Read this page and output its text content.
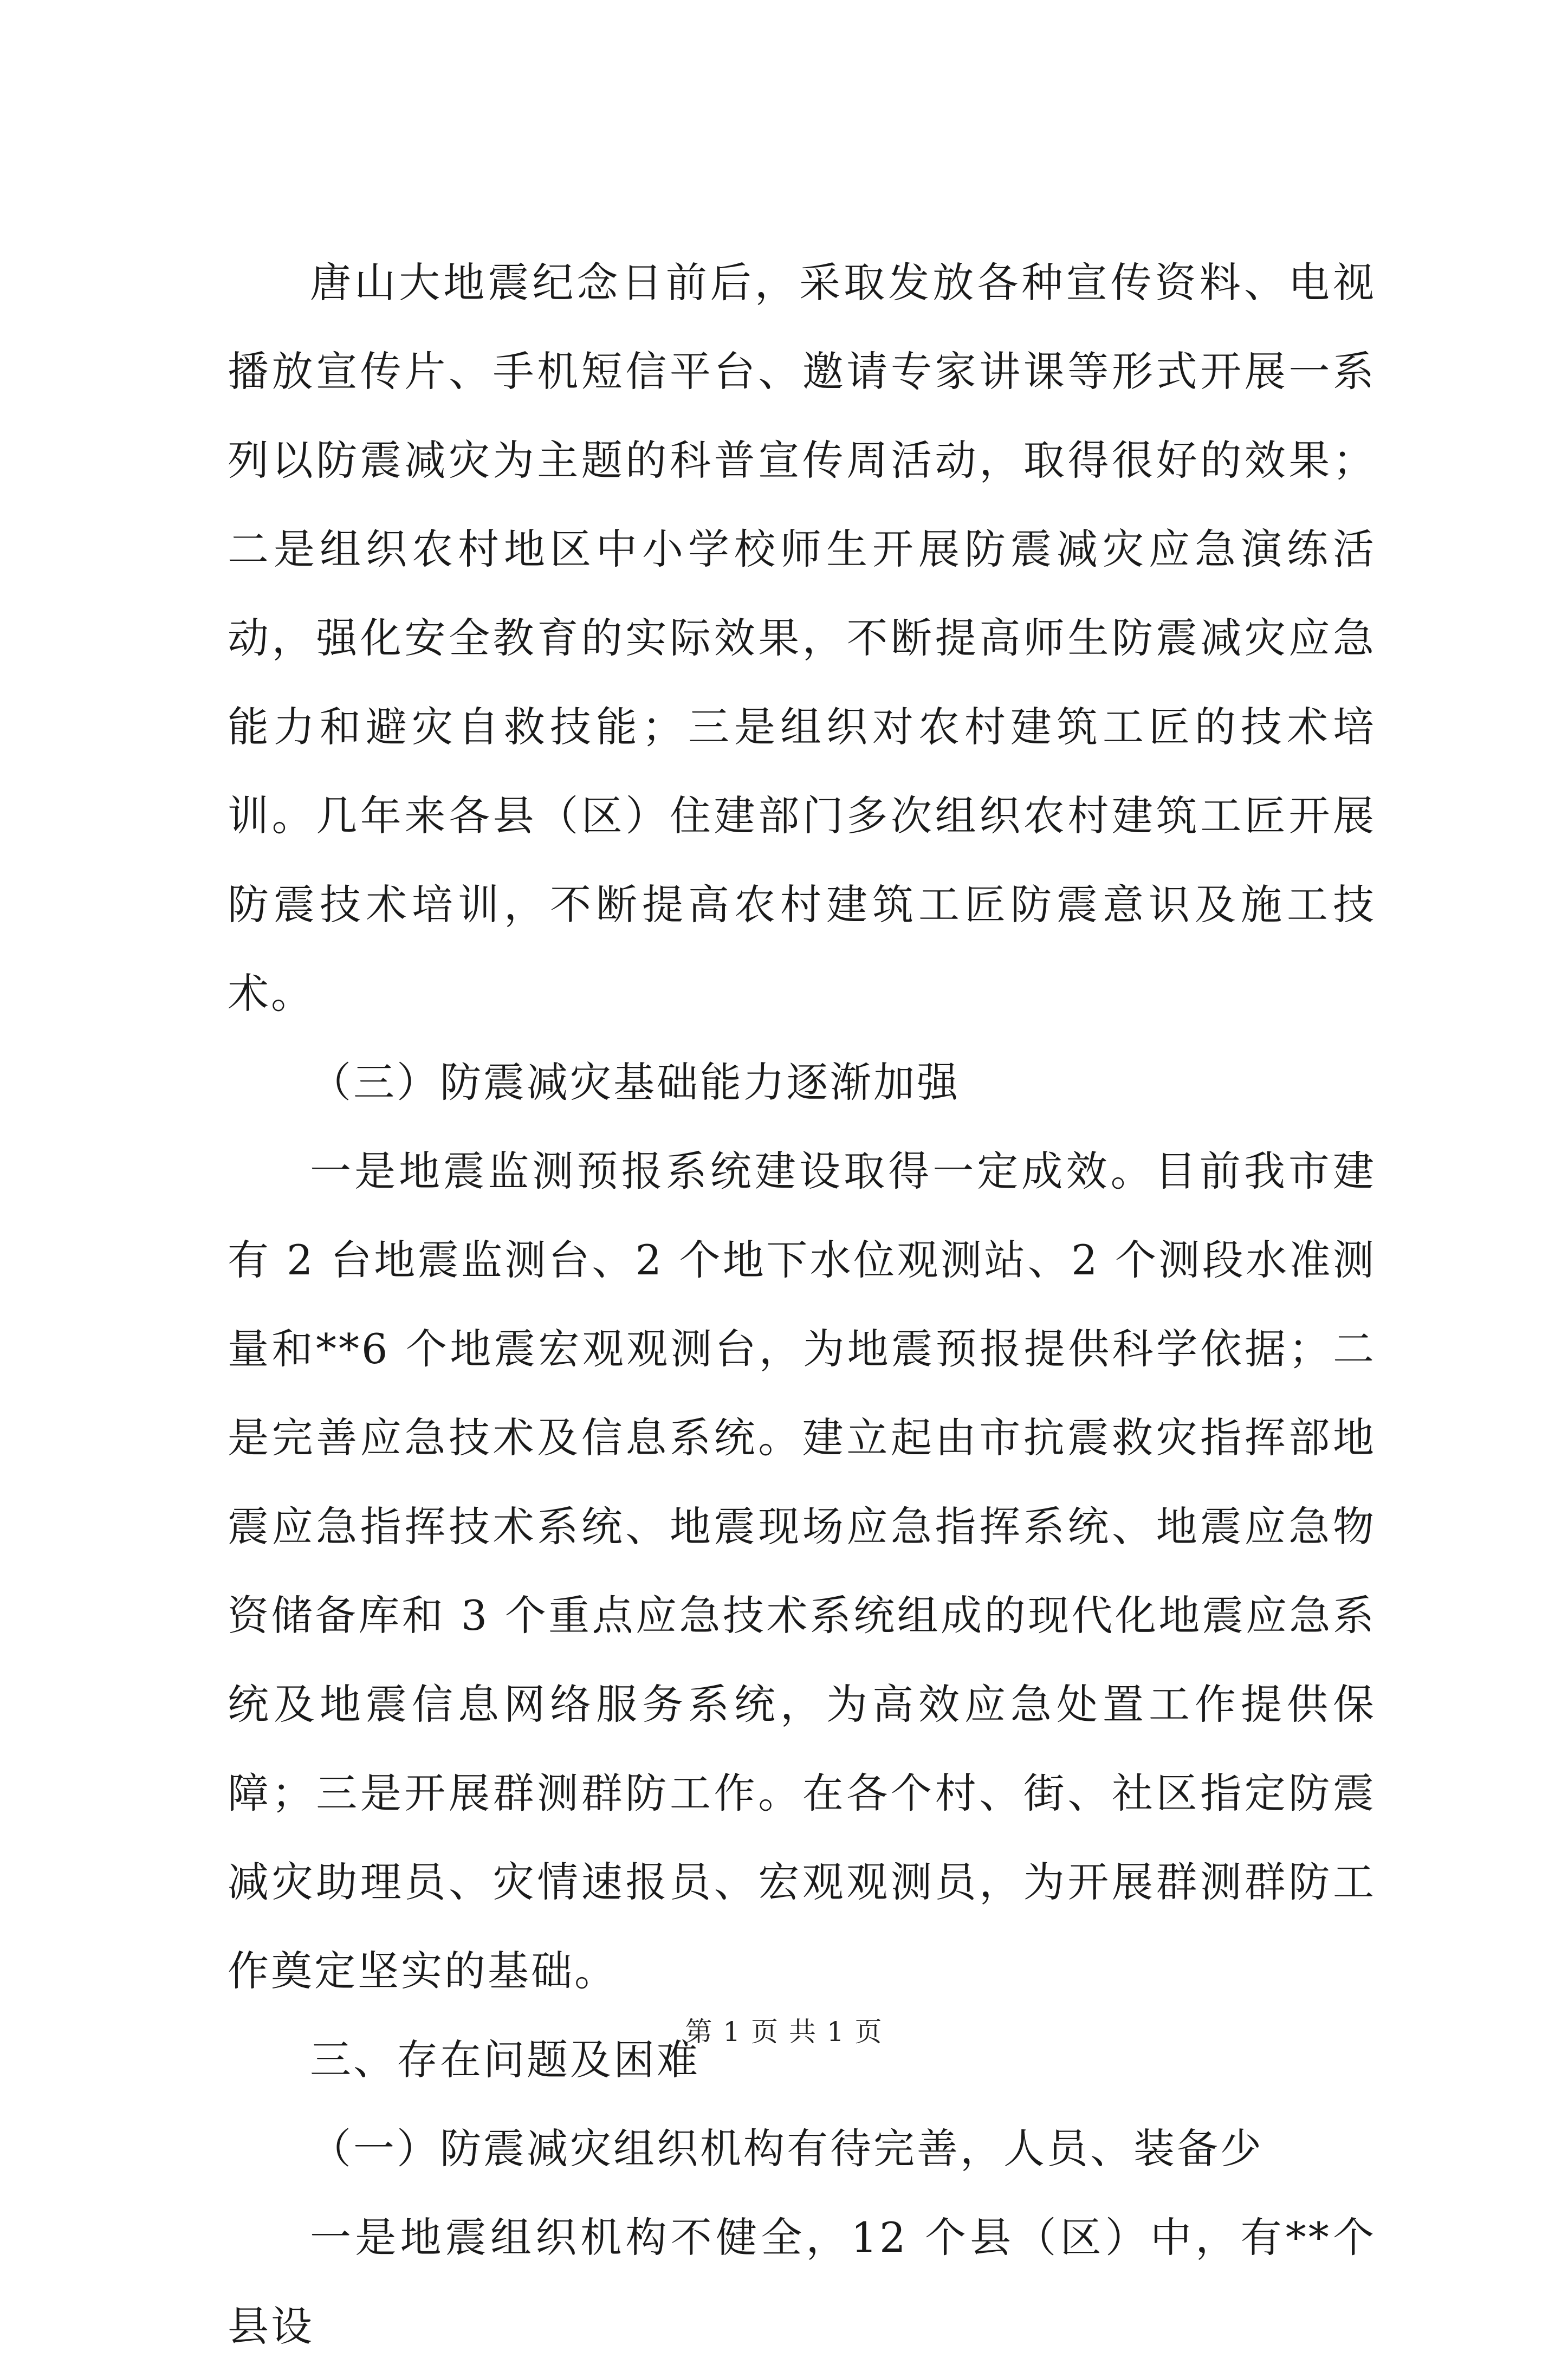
唐山大地震纪念日前后，采取发放各种宣传资料、电视播放宣传片、手机短信平台、邀请专家讲课等形式开展一系列以防震减灾为主题的科普宣传周活动，取得很好的效果；二是组织农村地区中小学校师生开展防震减灾应急演练活动，强化安全教育的实际效果，不断提高师生防震减灾应急能力和避灾自救技能；三是组织对农村建筑工匠的技术培训。几年来各县（区）住建部门多次组织农村建筑工匠开展防震技术培训，不断提高农村建筑工匠防震意识及施工技术。

（三）防震减灾基础能力逐渐加强

一是地震监测预报系统建设取得一定成效。目前我市建有 2 台地震监测台、2 个地下水位观测站、2 个测段水准测量和**6 个地震宏观观测台，为地震预报提供科学依据；二是完善应急技术及信息系统。建立起由市抗震救灾指挥部地震应急指挥技术系统、地震现场应急指挥系统、地震应急物资储备库和 3 个重点应急技术系统组成的现代化地震应急系统及地震信息网络服务系统，为高效应急处置工作提供保障；三是开展群测群防工作。在各个村、街、社区指定防震减灾助理员、灾情速报员、宏观观测员，为开展群测群防工作奠定坚实的基础。

三、存在问题及困难

（一）防震减灾组织机构有待完善，人员、装备少

一是地震组织机构不健全，12 个县（区）中，有**个县设

第 1 页 共 1 页
